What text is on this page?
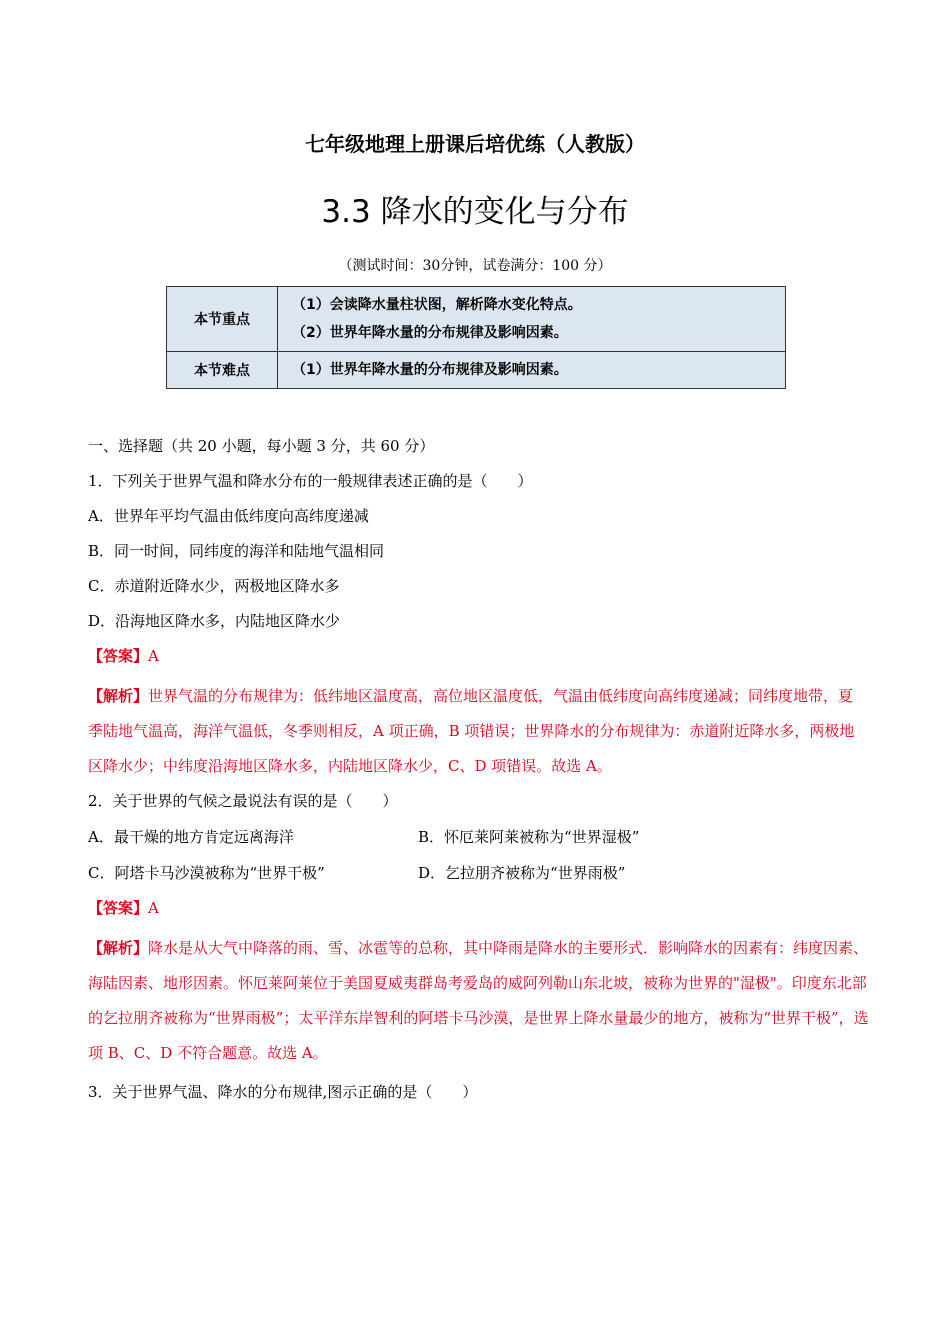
七年级地理上册课后培优练（人教版）
3.3 降水的变化与分布
（测试时间：30分钟，试卷满分：100 分）
本节重点	（1）会读降水量柱状图，解析降水变化特点。
（2）世界年降水量的分布规律及影响因素。

本节难点	（1）世界年降水量的分布规律及影响因素。
一、选择题（共 20 小题，每小题 3 分，共 60 分）
1．下列关于世界气温和降水分布的一般规律表述正确的是（　　）
A．世界年平均气温由低纬度向高纬度递减
B．同一时间，同纬度的海洋和陆地气温相同
C．赤道附近降水少，两极地区降水多
D．沿海地区降水多，内陆地区降水少
【答案】A
【解析】世界气温的分布规律为：低纬地区温度高，高位地区温度低，气温由低纬度向高纬度递减；同纬度地带，夏季陆地气温高，海洋气温低，冬季则相反，A 项正确，B 项错误；世界降水的分布规律为：赤道附近降水多，两极地区降水少；中纬度沿海地区降水多，内陆地区降水少，C、D 项错误。故选 A。
2．关于世界的气候之最说法有误的是（　　）
A．最干燥的地方肯定远离海洋	B．怀厄莱阿莱被称为“世界湿极”
C．阿塔卡马沙漠被称为“世界干极”	D．乞拉朋齐被称为“世界雨极”
【答案】A
【解析】降水是从大气中降落的雨、雪、冰雹等的总称，其中降雨是降水的主要形式．影响降水的因素有：纬度因素、海陆因素、地形因素。怀厄莱阿莱位于美国夏威夷群岛考爱岛的威阿列勒山东北坡，被称为世界的"湿极"。印度东北部的乞拉朋齐被称为“世界雨极”；太平洋东岸智利的阿塔卡马沙漠，是世界上降水量最少的地方，被称为“世界干极”，选项 B、C、D 不符合题意。故选 A。
3．关于世界气温、降水的分布规律,图示正确的是（　　）
